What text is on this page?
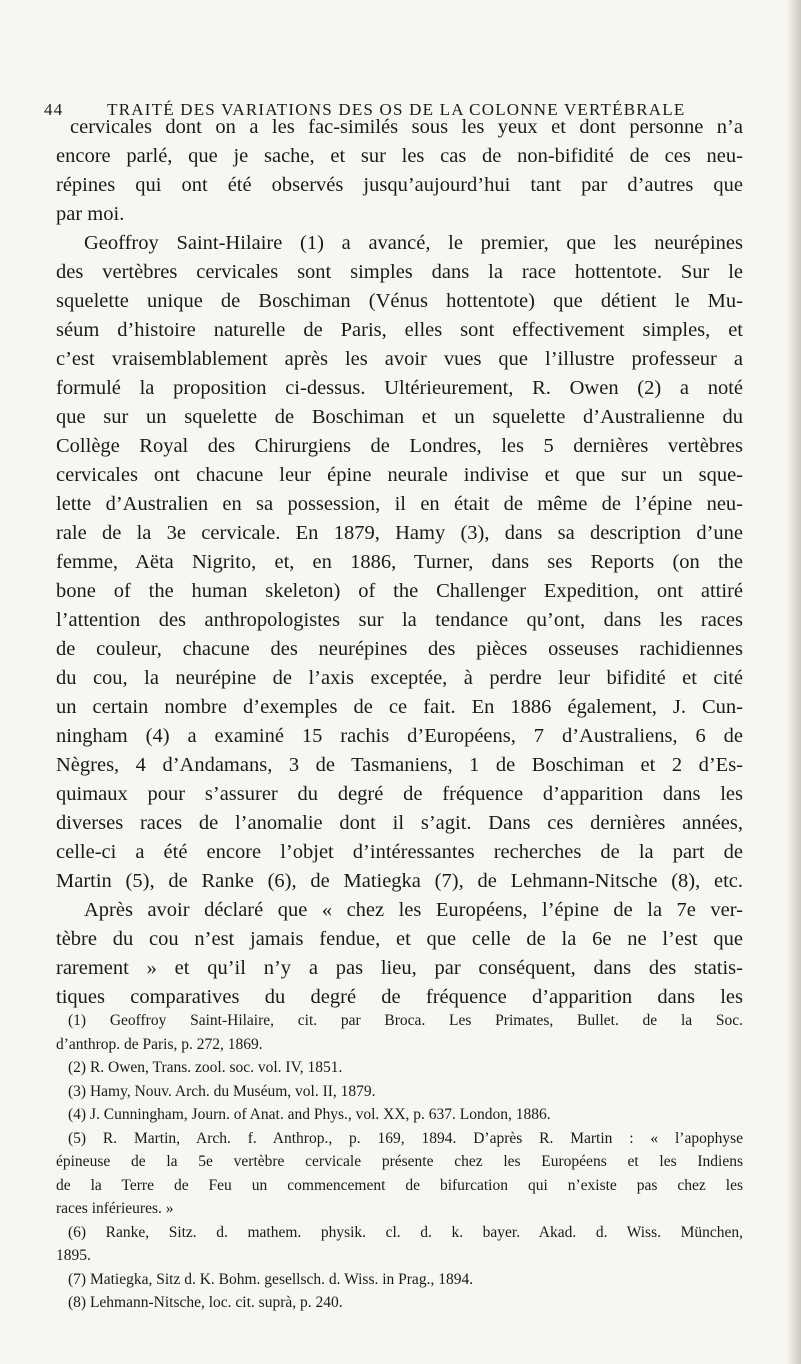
44	TRAITÉ DES VARIATIONS DES OS DE LA COLONNE VERTÉBRALE
cervicales dont on a les fac-similés sous les yeux et dont personne n’a
encore parlé, que je sache, et sur les cas de non-bifidité de ces neu-
répines qui ont été observés jusqu’aujourd’hui tant par d’autres que
par moi.
Geoffroy Saint-Hilaire (1) a avancé, le premier, que les neurépines
des vertèbres cervicales sont simples dans la race hottentote. Sur le
squelette unique de Boschiman (Vénus hottentote) que détient le Mu-
séum d’histoire naturelle de Paris, elles sont effectivement simples, et
c’est vraisemblablement après les avoir vues que l’illustre professeur a
formulé la proposition ci-dessus. Ultérieurement, R. Owen (2) a noté
que sur un squelette de Boschiman et un squelette d’Australienne du
Collège Royal des Chirurgiens de Londres, les 5 dernières vertèbres
cervicales ont chacune leur épine neurale indivise et que sur un sque-
lette d’Australien en sa possession, il en était de même de l’épine neu-
rale de la 3e cervicale. En 1879, Hamy (3), dans sa description d’une
femme, Aëta Nigrito, et, en 1886, Turner, dans ses Reports (on the
bone of the human skeleton) of the Challenger Expedition, ont attiré
l’attention des anthropologistes sur la tendance qu’ont, dans les races
de couleur, chacune des neurépines des pièces osseuses rachidiennes
du cou, la neurépine de l’axis exceptée, à perdre leur bifidité et cité
un certain nombre d’exemples de ce fait. En 1886 également, J. Cun-
ningham (4) a examiné 15 rachis d’Européens, 7 d’Australiens, 6 de
Nègres, 4 d’Andamans, 3 de Tasmaniens, 1 de Boschiman et 2 d’Es-
quimaux pour s’assurer du degré de fréquence d’apparition dans les
diverses races de l’anomalie dont il s’agit. Dans ces dernières années,
celle-ci a été encore l’objet d’intéressantes recherches de la part de
Martin (5), de Ranke (6), de Matiegka (7), de Lehmann-Nitsche (8), etc.
Après avoir déclaré que « chez les Européens, l’épine de la 7e ver-
tèbre du cou n’est jamais fendue, et que celle de la 6e ne l’est que
rarement » et qu’il n’y a pas lieu, par conséquent, dans des statis-
tiques comparatives du degré de fréquence d’apparition dans les
(1) Geoffroy Saint-Hilaire, cit. par Broca. Les Primates, Bullet. de la Soc.
d’anthrop. de Paris, p. 272, 1869.
(2) R. Owen, Trans. zool. soc. vol. IV, 1851.
(3) Hamy, Nouv. Arch. du Muséum, vol. II, 1879.
(4) J. Cunningham, Journ. of Anat. and Phys., vol. XX, p. 637. London, 1886.
(5) R. Martin, Arch. f. Anthrop., p. 169, 1894. D’après R. Martin : « l’apophyse
épineuse de la 5e vertèbre cervicale présente chez les Européens et les Indiens
de la Terre de Feu un commencement de bifurcation qui n’existe pas chez les
races inférieures. »
(6) Ranke, Sitz. d. mathem. physik. cl. d. k. bayer. Akad. d. Wiss. München,
1895.
(7) Matiegka, Sitz d. K. Bohm. gesellsch. d. Wiss. in Prag., 1894.
(8) Lehmann-Nitsche, loc. cit. suprà, p. 240.
